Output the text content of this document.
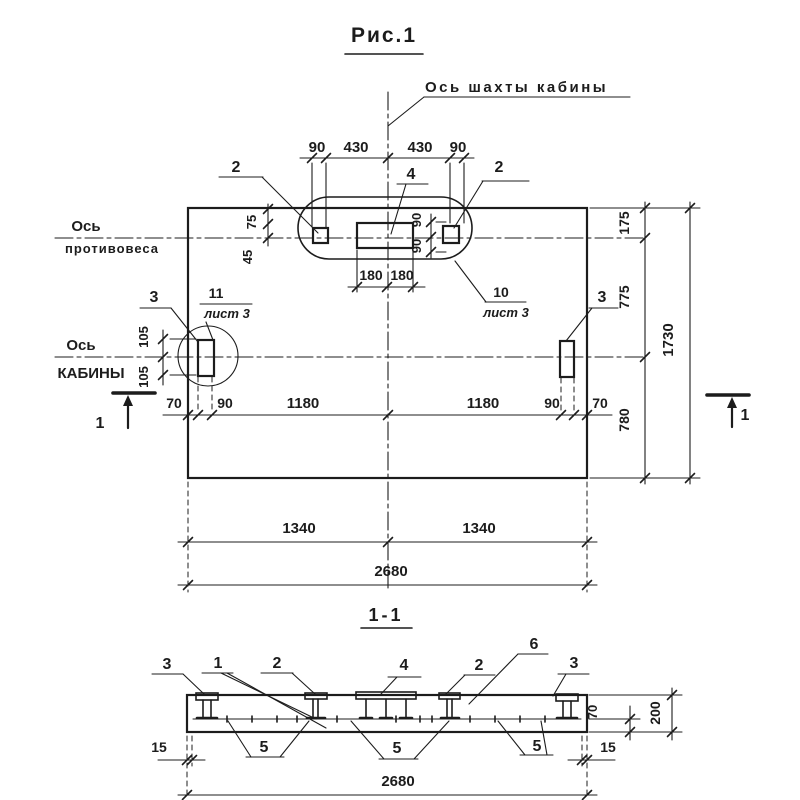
Рис.1
Ось шахты кабины
Ось
противовеса
Ось
КАБИНЫ
90 430	430 90
180 180
90
90
75
45
105
105
70	90	1180	1180	90 70
1340	1340
2680
175
775
780
1730
2	2
4
3	11
лист 3
10
лист 3
3
1	1
1-1
3	1	2	4	2
6
3
5	5	5
15	15
2680
70	200
